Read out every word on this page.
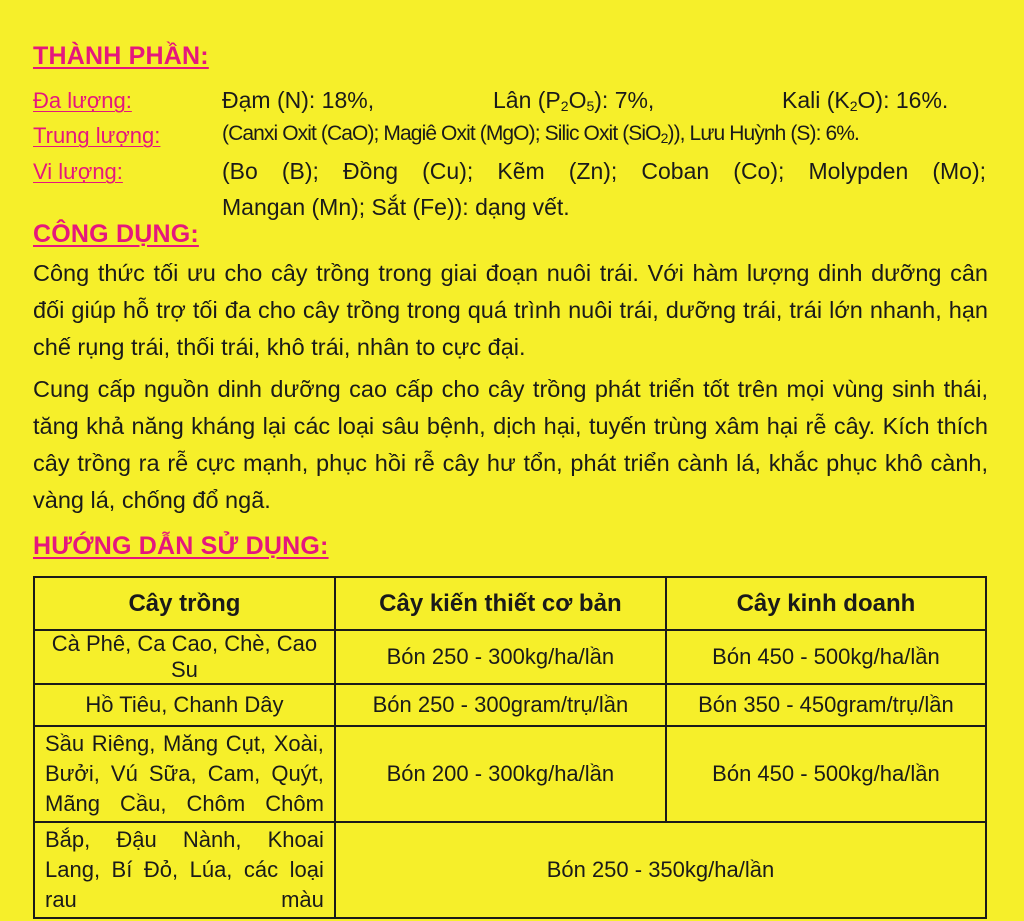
THÀNH PHẦN:
Đa lượng:	Đạm (N): 18%,	Lân $(P_2O_5)$: 7%,	Kali $(K_2O)$: 16%.
Trung lượng:	(Canxi Oxit (CaO); Magiê Oxit (MgO); Silic Oxit (SiO$_2$)), Lưu Huỳnh (S): 6%.
Vi lượng:	(Bo (B); Đồng (Cu); Kẽm (Zn); Coban (Co); Molypden (Mo);
Mangan (Mn); Sắt (Fe)): dạng vết.
CÔNG DỤNG:

Công thức tối ưu cho cây trồng trong giai đoạn nuôi trái. Với hàm lượng dinh dưỡng cân đối giúp hỗ trợ tối đa cho cây trồng trong quá trình nuôi trái, dưỡng trái, trái lớn nhanh, hạn chế rụng trái, thối trái, khô trái, nhân to cực đại.

Cung cấp nguồn dinh dưỡng cao cấp cho cây trồng phát triển tốt trên mọi vùng sinh thái, tăng khả năng kháng lại các loại sâu bệnh, dịch hại, tuyến trùng xâm hại rễ cây. Kích thích cây trồng ra rễ cực mạnh, phục hồi rễ cây hư tổn, phát triển cành lá, khắc phục khô cành, vàng lá, chống đổ ngã.

HƯỚNG DẪN SỬ DỤNG:
Cây trồng	Cây kiến thiết cơ bản	Cây kinh doanh
Cà Phê, Ca Cao, Chè, Cao Su	Bón 250 - 300kg/ha/lần	Bón 450 - 500kg/ha/lần
Hồ Tiêu, Chanh Dây	Bón 250 - 300gram/trụ/lần	Bón 350 - 450gram/trụ/lần
Sầu Riêng, Măng Cụt, Xoài, Bưởi, Vú Sữa, Cam, Quýt, Mãng Cầu, Chôm Chôm	Bón 200 - 300kg/ha/lần	Bón 450 - 500kg/ha/lần
Bắp, Đậu Nành, Khoai Lang, Bí Đỏ, Lúa, các loại rau màu	Bón 250 - 350kg/ha/lần	
